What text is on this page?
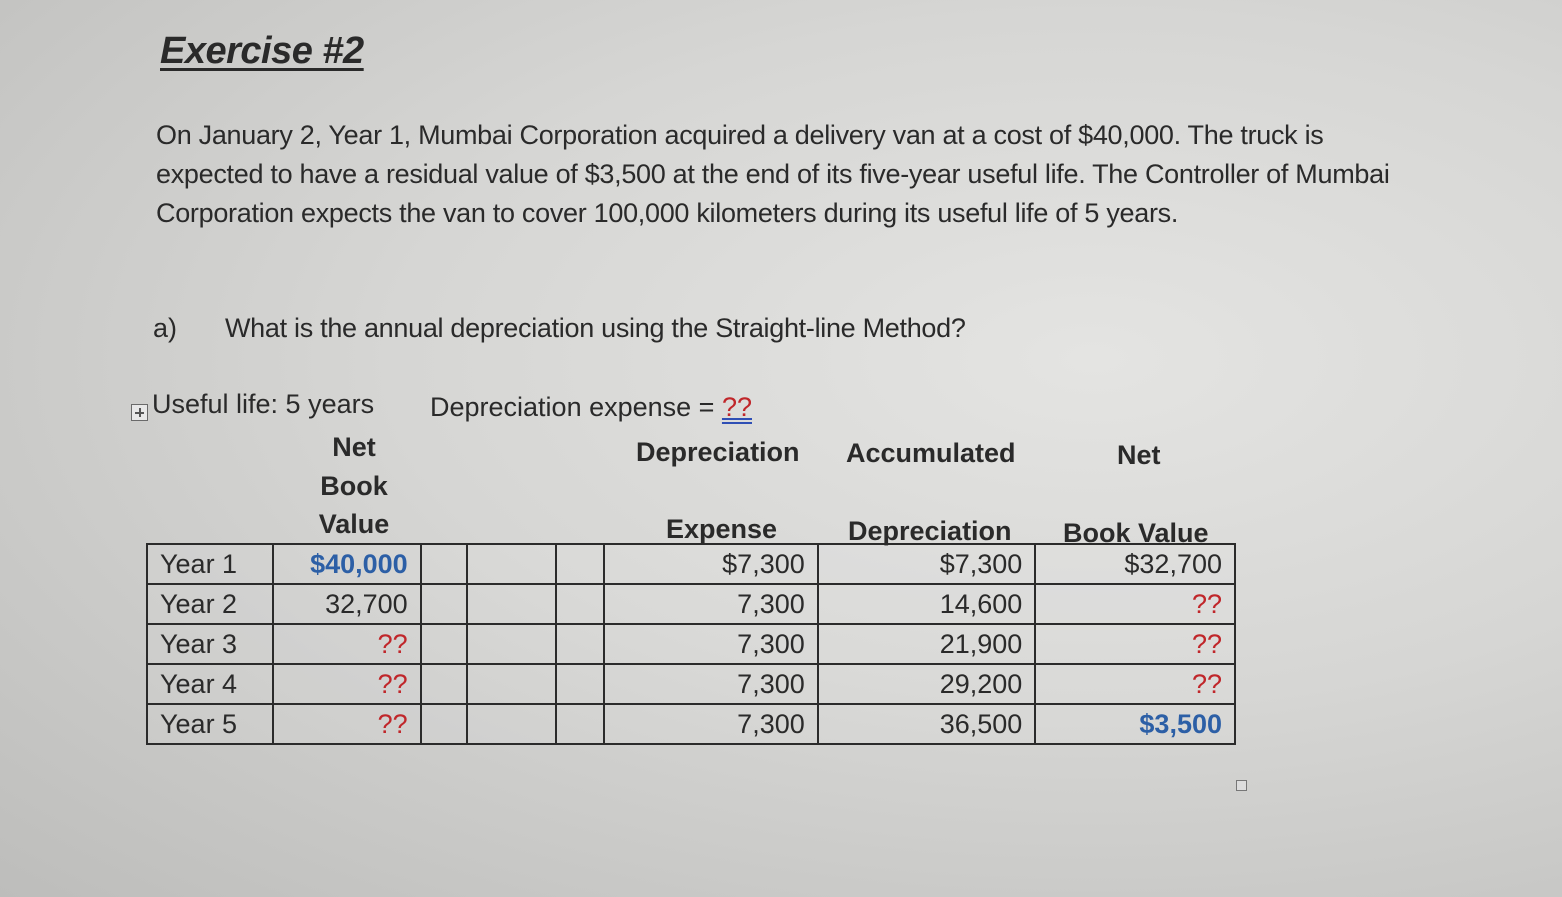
Exercise #2
On January 2, Year 1, Mumbai Corporation acquired a delivery van at a cost of $40,000. The truck is expected to have a residual value of $3,500 at the end of its five-year useful life. The Controller of Mumbai Corporation expects the van to cover 100,000 kilometers during its useful life of 5 years.
a) What is the annual depreciation using the Straight-line Method?
Useful life: 5 years Depreciation expense = ??
Net
Book
Value
Depreciation
Expense
Accumulated
Depreciation
Net
Book Value
Year 1	$40,000				$7,300	$7,300	$32,700
Year 2	32,700				7,300	14,600	??
Year 3	??				7,300	21,900	??
Year 4	??				7,300	29,200	??
Year 5	??				7,300	36,500	$3,500
